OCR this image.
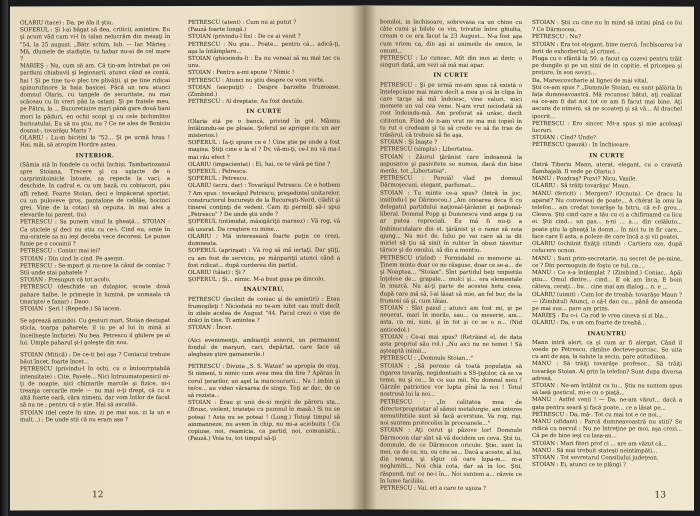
OLARIU (tace) : Da, pe ăla il ştiu.

SOFERUL : Şi l-ai băgat să dea, criticii, amintire. Eu şi acum văd cum vi-l în talan nelucrăm din mesaţi în "54, la 25 august. „Bătr. schim, lub. — Iar. Mărieş : Mă, dlumele de stadiştie, tu habar nu-ai de cel mare ?

MARIEŞ : Nu, cum să am. Că țin-am întrebat pe cei parduni chiabuvii şi legionarii, atunci când se contă, hai ! Şi pe tine tu-o plec tre plivăţii, şi pe tine ridicai spinurulinore la baia basicei. Păcă un nou atunci domnul Olaris, cu tangele de securitate, nu mai scăceau cu în vreri pân la ostani. Şi pe fratele meu, pe Pătru, la ... Bucuretiuire mari până gare două bani mori la păduri, en ochii scopi şi cu cele bichimlitoi buricatului. Eu să nu ştiu, nu ? Ce ne ales de Boniciu dosnut-, tovarăşu Maris ?

OLARIU : Lu-m bicitini la "52... Şi pe urmă hrau ! Hai, măi, să atropim Hordre astea.

INTERIOR.

(Sâmia stă în fondele cu ochii închiși. Tambariozanul spre Stoiana. Trecere şi cu uşiacte de o carprimitoinicle întoate, sa repecle la vaci, a deschide. In cadrul e, cu um bază, cu cobiucori, pău afli rehed. Foarte Stoian, deci e împăcerat sportist, cu un puloveve gros, pantalone de ceblăe, bocinci grei. Vine de la cotaci să cepuita, în mai ales ş elevarile lui parent, tiu)

PETRESCU : Sa punem vinul la gheaţă... STOIAN : Ca sticlele şi deci nu stiu cu ce-i. Cind eu, omie în ma-oratele sa nu ieşi deceba vece decoresi. Le punse funie pe o cocainii ?

PETRESCU : Coniac mai iei?

STOIAN : Din cind în cind. Pe asemn.

PETRESCU : Se-mpart şi nu-noe la când de comiac ? Stii unde stai pahatele ?

STOIAN : Presupun că tot acolo.

PETRESCU (deschide un dulapior, scoate două pahare halbe, le primeşte în lumină, pe unmaala că tmarişte/ e fanar) : Daoo.

STOIAN : Şeri ! (Repede.) Să iacem.

Se aprează amindoi. Cu gesturi mari, Stoian destupat sticla, toarpa paharele, il iu pe al lui în mină şi înceilneşte închiriei. Nu bea. Petrescu il ghilere pe al lui. Umple paharul şi-l goleşte din nou.

STOIAN (Mitică) : De ce-ti bei aşa ? Coniacul trebuie băut încet, foarte încet...

PETRESCU (privindu-l în ochi, cu o îmtonrrptabilă intensitate) : Cite, Pavele... Nici întruumatopenicii ni-ţi de noapte, nici chimarile marcile şi fizice, ni-i treanja cercarile mele — nu mai o-ţi drept, că cu o altă foarte oară, căra nimeni, dar vom întlor de facut să nu ne ; pentru că o ştie. Hai să ascultă.

STOIAN (del ceste în sine, zi pe mai sus, zi la un e mult...) : De unde stii că nu eram așa ?

PETRESCU (atent) : Cum nu ai putut ?

(Pauză foarte lungă.)

STOIAN (privindu-l fix) : De ce ai venit ?

PETRESCU : Nu ştiu... Poate... pentru că... adică-ţi, aşa la întâmplare...

STOIAN (ghiceindu-l) : Eu nu veneai să nu mai tac cu unu.

STOIAN : Pentru a-mi spune ? Nimic !

PETRESCU : Atunci nu ştiu despre ce vom vorbi.

STOIAN (asopuţit) : Despre barzelte frumoase. (Zimbind.)

PETRESCU : Al dreptate. Au fost destule.

IN CURTE

(Olaria stă pe o bancă, privind în gol. Mânnu întâlnindu-se pe ploaie. Şoferul se apropie cu un aer misterios.)

SOFERUL : Ia-ţi spune ce e ! Cine ştie pe unde a fost maşina. Ştiţi cine e la el ? Dv, vă-mi-ţi, ce-l nu vă ma-l mai rău efect ?

OLARIU (impacientat) : Ei, hai, ce te vâră pe tine ?

ŞOFERUL : Pelrescu.

ŞOFERUL : Petrescu.

OLARIU (acru, dar) : Tovarăşul Petrescu. Ce e hotbeni ? Am spus : tovarăşul Petrescu, preşedintel unitarelor, constructorul bucureşti de la Bucureşti-Nord, clădit şi tinerei conţinţi de vedeni. Cam iţi permiţi să-i spui „Petrescu" ? De unde ştii unde ?

ŞOFERUL (intimidat, măsigăriţii marnez) : Vă rog, vă să usurat. Da creştere cu mine...

OLARIU : Mă interesează foarte puţin ce crezi, dumneata.

SOFERUL (aprinşat) : Vă rog să mă iertaţi. Dar ştiţi, cu am fost de serviciu, pe mănpariţii atunci când a fost ridicat... după curderea din partid.

OLARIU (tăiat) : Şi ?

ŞOFERUL : Şi... nimic. M-a bust gusa pe dincolo.

INAUNTRU.

PETRESCU (încilnit de coniac şi de amintiri) : Erau frumoşileţi ! Niciodată nu te-am iubit cau mult decît în zilele acelea de August "44. Pacul crezi o vise de drăci în tine. Ti amintea ?

STOIAN : Încer.

(Aici evenimenţii, ambianţii sonorii, un permanent fondul de marşuri, cari, depărtat, care face să alegheze ştire gamanerile.)

PETRESCU : Divizia „S. S. Watan" se apropia de oraş. Si nimeni, ti nimic cum avea mea din fire ? Apărau în corul ţerarilor, un aşel la mancourarii... Nu ! imbin şi te/ce... au viden vărsarea de singe. Toţi ar dac, de ce să rezista...

STOIAN : Erau şi unii de-si mojrii de păreru sta... (Brusc, violent, tristeţei cu pumnul în masă.) Si nu se poteai ! Asta nu se poteai ! (Lung.) Totuşi timpul să ainmanneze, nu avem în chip, nu mi-a aciobuits ! Cu copiuse, noi, reamicia, ca partid, noi, comunistii... (Pauză.) Voia tu, tot timpul să-ţi

12

bomilei, in închisoare, sobrevasa ca un chine cu câte cumi şi bilele ce vin, trivatie între ghiulta, cream e ce era facut la 23 August... N-a fost aşa cum vriem ca, din aşi si unimeile de omice, le omuni...

PETRESCU : Le cunosc. Atît din inoi ai dintr, o singuri dată, am vezi să mă mai apar.

IN CURTE

PETRESCU : Şi pe urmă mi-am spus că există o înțelepciune mai mare decît a mea şi că în clipa în care tacşe să mă îndoiesc, vine valuri, mici momete un val cea vene. N-am vrut niciodată să rost îndoindu-mă. Am preferat să urăsc, decît cititoriun. Fiind de n-am vrut ne ma mii topiel în tu rut o credeam şi tu să crede ve să fie tras de trăsărul, că trebuie să fie aşa.

STOIAN : Şi înaşte ?

PETRESCU (simplu) : Libertatea.

STOIAN : Zăurul ţărănist care îndeamnă la aspusarce şi pasivitete se numea, dacă din bine merăs, tot „Libertatea".

PETRESCU : Pareiă! vlad pe domnul Dărmoşecuni, elegant, parfumat...

STOIAN : Tu minte ce-a spus? (Intră în joc, imitîndu-l pe Dărmocou.) „Am onoarea deca fi cu delegatul partidului naţional-ţărănist şi naţional-liberal. Domnul Popp şi Dumnescu vind anga ţi ca ar putea repreciali. Eu mă fi nu-ţi a îmbinuculalare din el. ţărănist şi o rame să zeia ajung... Nu mi-t de. lului pe vai care să ia dit miriel să ţiu să sinit în ruliter în obuzi tăuvitur tărsce şi de omului, să din a mentiu.

PETRESCU (rîzînd) : Formidabil ce memorie ai. Ţinem minte doar ce ne râsguse, doar ce se-a... de şi Noaptea... "Stoian". Sînt partidul beţi tmpietile înţelese de... grapale... mulci şi... era elementale în muzcă. Nu ai-ţi parte de acestei hetu ceea, după care mă să, l-ai lăsat să mie, an fel bur, de la frumosi să şi, cum tăiau.

STOIAN : Sînt pasul ; atunci am fost mi, şi pe neuerat, mari în morile, sau... ca meserie, am... asta, ca mi, suni, şi în tot şi ce se o n... (Nid anticedol.)

STOIAN : Ce-ai mai spus? (Retrăind el, de data asta propriul său rol.) „Nu aici nu ne temei ! Să aşteaptă inimii...

PETRESCU : „Domnule Stoian..."

STOIAN : „Să perezie că toată populaţia să rigarea tovarăş, negidentiaiti a SS-ţiştilor, că se va teme, nu şi ce... în ce sus mii. Nu domnul meu ! Gărzile patriotice vor lupta pînă la noi ! Totul nostrusă lui la noi...

PETRESCU : „In calitatea mea de directorproprietar al sămei metalurgie, am interes nemutihitiile sunt să facă acerstuie. Va rog, rişi, noi suntem protocoliei în procoanele..."

STOIAN : Aţi cerut şi pâzeve lor! Domnule Dărmocon clar sînt să vă decidem un ceva. Ştii tu, domnule, de ce Dărmocon oricule. Ştie, sunt lu mei, ca de ce, nu, eu cite se... Dacă a aceste, al lui, din seama, şi sîgur că oare lupa-m... m-a neglumiti... Noi chia cota, dar să în loc. Ştii, răspund, nu! ce ne-i în... Noi suntem a... răzvie ce în lume faciliile.

PETRESCU : Vai, eri a care te uşuza ?

STOIAN : Ştii cu cine nu în mind să intini pînă ce foi ? Ce Dărmocea.

PETRESCU : Nu?

STOIAN : Era tot elegant, bine mercă. Închisoarea l-a ferit de exhorbertul, al crimei...

Pluga cu o sfântă la 50. a facut ca cozevi pentru trăit pe dungile şi pe un sinii de in copitie, el pricepea şi preţure, în son sovici...

Da, Marescovcharie al lignei de mai vital.

Ştii ce-am spus ? „Dumnule Stoian, eu sunt pălăria în fața dumneavoastră. Mă recunosc bătut, aţi realizat ea ce-am fi dat noi tot ce am fi facut mai bine. Aţi ascuns de nimeni, să ne scoateţi şi să vă... Al drachel ipocrit...

PETRESCU : Ero sincer. Mt-a spus şi mie aceleaşi lucruri.

STOIAN : Cînd? Unde?

PETRESCU (pauză) : In închisoare.

IN CURTE

(Intră Tiberiu Mann, aterat, elegant, cu o cravată flambajală. Il vede pe Olariu.)

MANU : Pozdraş? Pozvi? Nicu, Vasile.

OLARIU : Să trăiţi tovarăşu' Maun.

MANU (fericit) : Mergem? (Ocnuta). Ce dracu lu aparat? Nu conveneai de poate... A chérat la omu la telefon... am credat tovarăşe lu bitru, că e-f- greu... Cleuva. Ştii cind care a tău cu ci a chifirnamd cu licu ei. Ştii cind... un pas... n-ni ... a.... din celăluto... poate ştiu la gheaţă la domn... în nici tu in fir care... face care îl asta, a poleze de care încă a şi vii poatei.

OLARIU (ochiinit fixăţii citind) : Cartiera oze, după celucere ocnon.

MANU : Sunt prim-secretarie, nu secret de pe-mine, ce ? Din permuguin de foştu ce tul, ca....

MANU : Ce s-a întâmplat ? (Zimbind.) Coniac.. Apăi ştiu... Omul dintre... cind... E ok am înca, E boin câteva, ceraţi... bu... cine mai am dialog... n. e ...

OLARIU (uimit) : Cum lor de treabă: tovarăşe Maun ? — (Zimbitul) Atunci, o să-l dau cu... până de amenda pe mai sus... pare am prins.

MARIEŞ : Eu o-i. Ca rod le vrea cineva si zi bla...

OLARIU : Da, e un om foarte de treabă...

INAUNTRU

Mann intră alert, ca şi cum ar fi alergat. Când il voede pe Petrescu, rămîne decteve-purcisc. Se uita cu ant de aşa, la salute la seciu, pare atitudinea.

MANU : Să trăiţi tovarăşe profesor... Să trăiţi tovarăşe Stoian. Ai prin la telefon? Sunt dupa diversa adresă.

STOIAN : Ne-am întâlnit cu tu... Ştiu nu suntem spus să lasă gosticul, mi-e cu o piaţă...

MANU : Astfel venii ! — Da, ne-am văzut... dacă a gata pentru seară şi facă poate... ce a lăsat pe...

PETRESCU : Da, mă-. Tot cu mai tot e ce noi...

MANU (sfidant) : Parcă dumneavoastră nu stiti? Se ridică cu nervul : Nu ne întreţine pe moi, aşa crezi... Că pe de bine ieşi cu lasa-au...

STOIAN : Mari fiteri prof ci ... are am văzut că...

MANU : Să mai trebuit stateşii neintimpăti...

STOIAN : Tot sevretarul Consiliului judeţean.

STOIAN : Ei, atunci ce te plângi ?

13
